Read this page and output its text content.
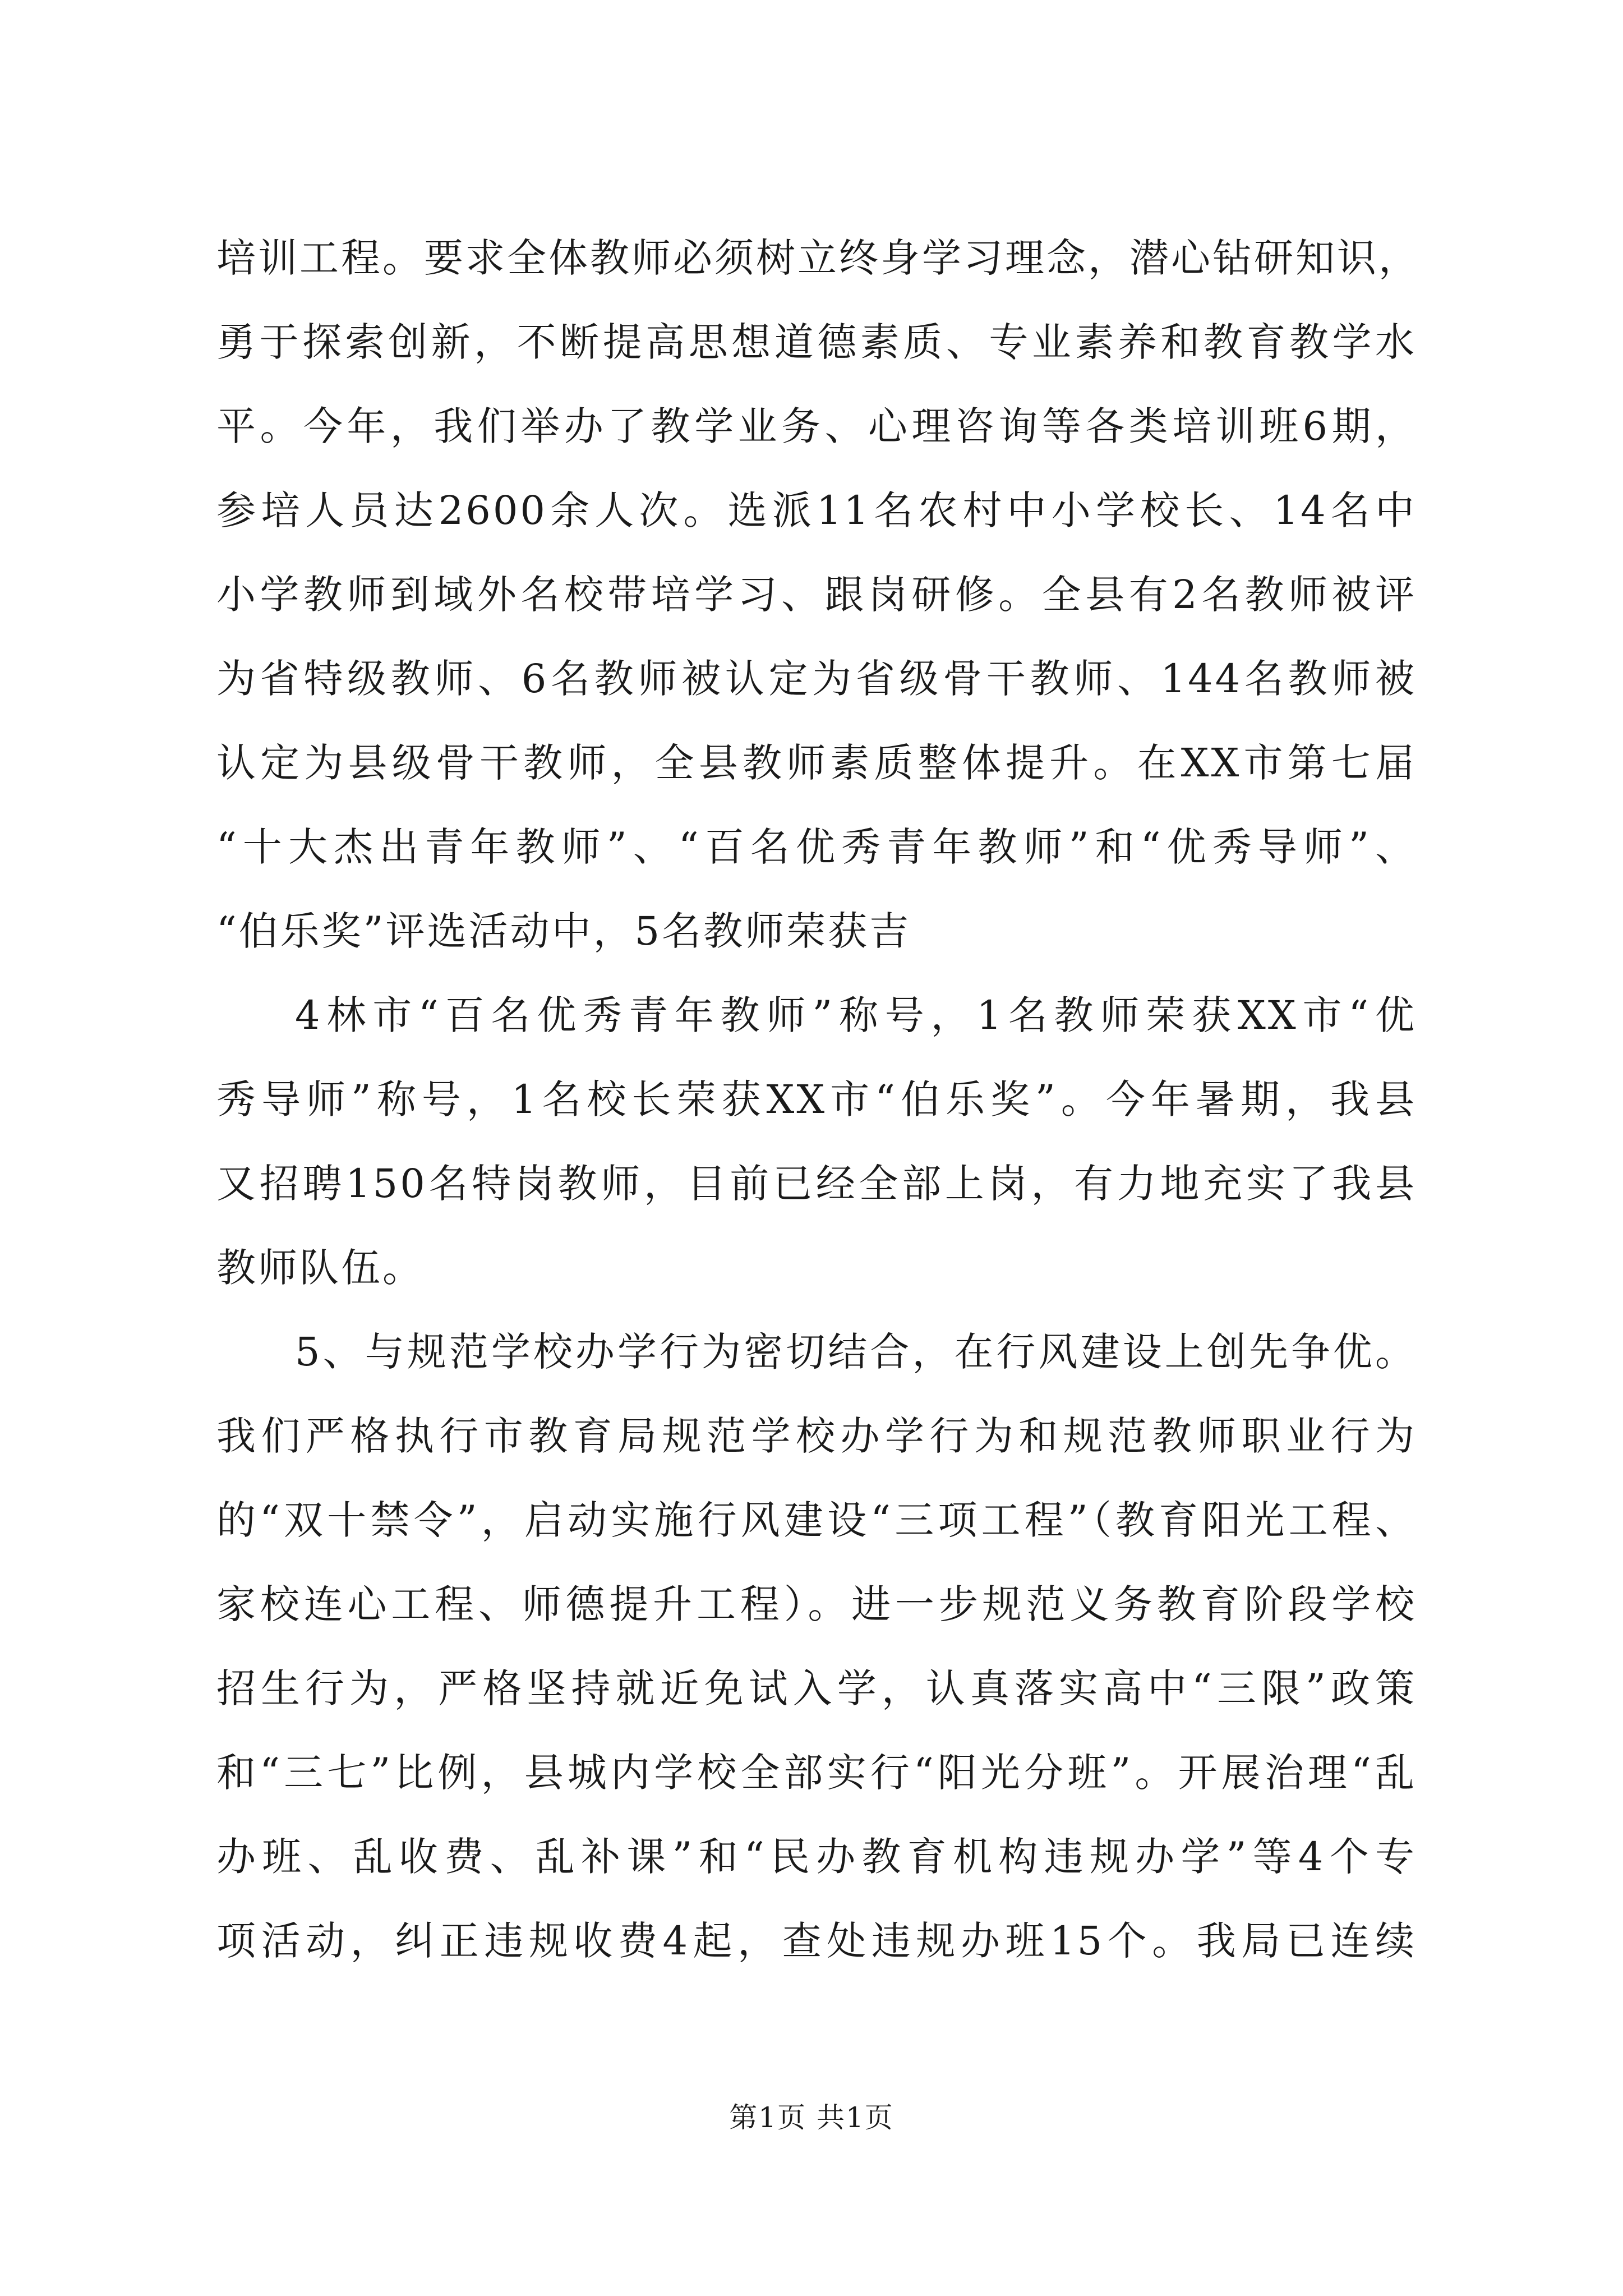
培训工程。要求全体教师必须树立终身学习理念，潜心钻研知识，
勇于探索创新，不断提高思想道德素质、专业素养和教育教学水
平。今年，我们举办了教学业务、心理咨询等各类培训班6期，
参培人员达2600余人次。选派11名农村中小学校长、14名中
小学教师到域外名校带培学习、跟岗研修。全县有2名教师被评
为省特级教师、6名教师被认定为省级骨干教师、144名教师被
认定为县级骨干教师，全县教师素质整体提升。在XX市第七届
“十大杰出青年教师”、“百名优秀青年教师”和“优秀导师”、
“伯乐奖”评选活动中，5名教师荣获吉
4林市“百名优秀青年教师”称号，1名教师荣获XX市“优
秀导师”称号，1名校长荣获XX市“伯乐奖”。今年暑期，我县
又招聘150名特岗教师，目前已经全部上岗，有力地充实了我县
教师队伍。
5、与规范学校办学行为密切结合，在行风建设上创先争优。
我们严格执行市教育局规范学校办学行为和规范教师职业行为
的“双十禁令”，启动实施行风建设“三项工程”（教育阳光工程、
家校连心工程、师德提升工程）。进一步规范义务教育阶段学校
招生行为，严格坚持就近免试入学，认真落实高中“三限”政策
和“三七”比例，县城内学校全部实行“阳光分班”。开展治理“乱
办班、乱收费、乱补课”和“民办教育机构违规办学”等4个专
项活动，纠正违规收费4起，查处违规办班15个。我局已连续
第1页 共1页
